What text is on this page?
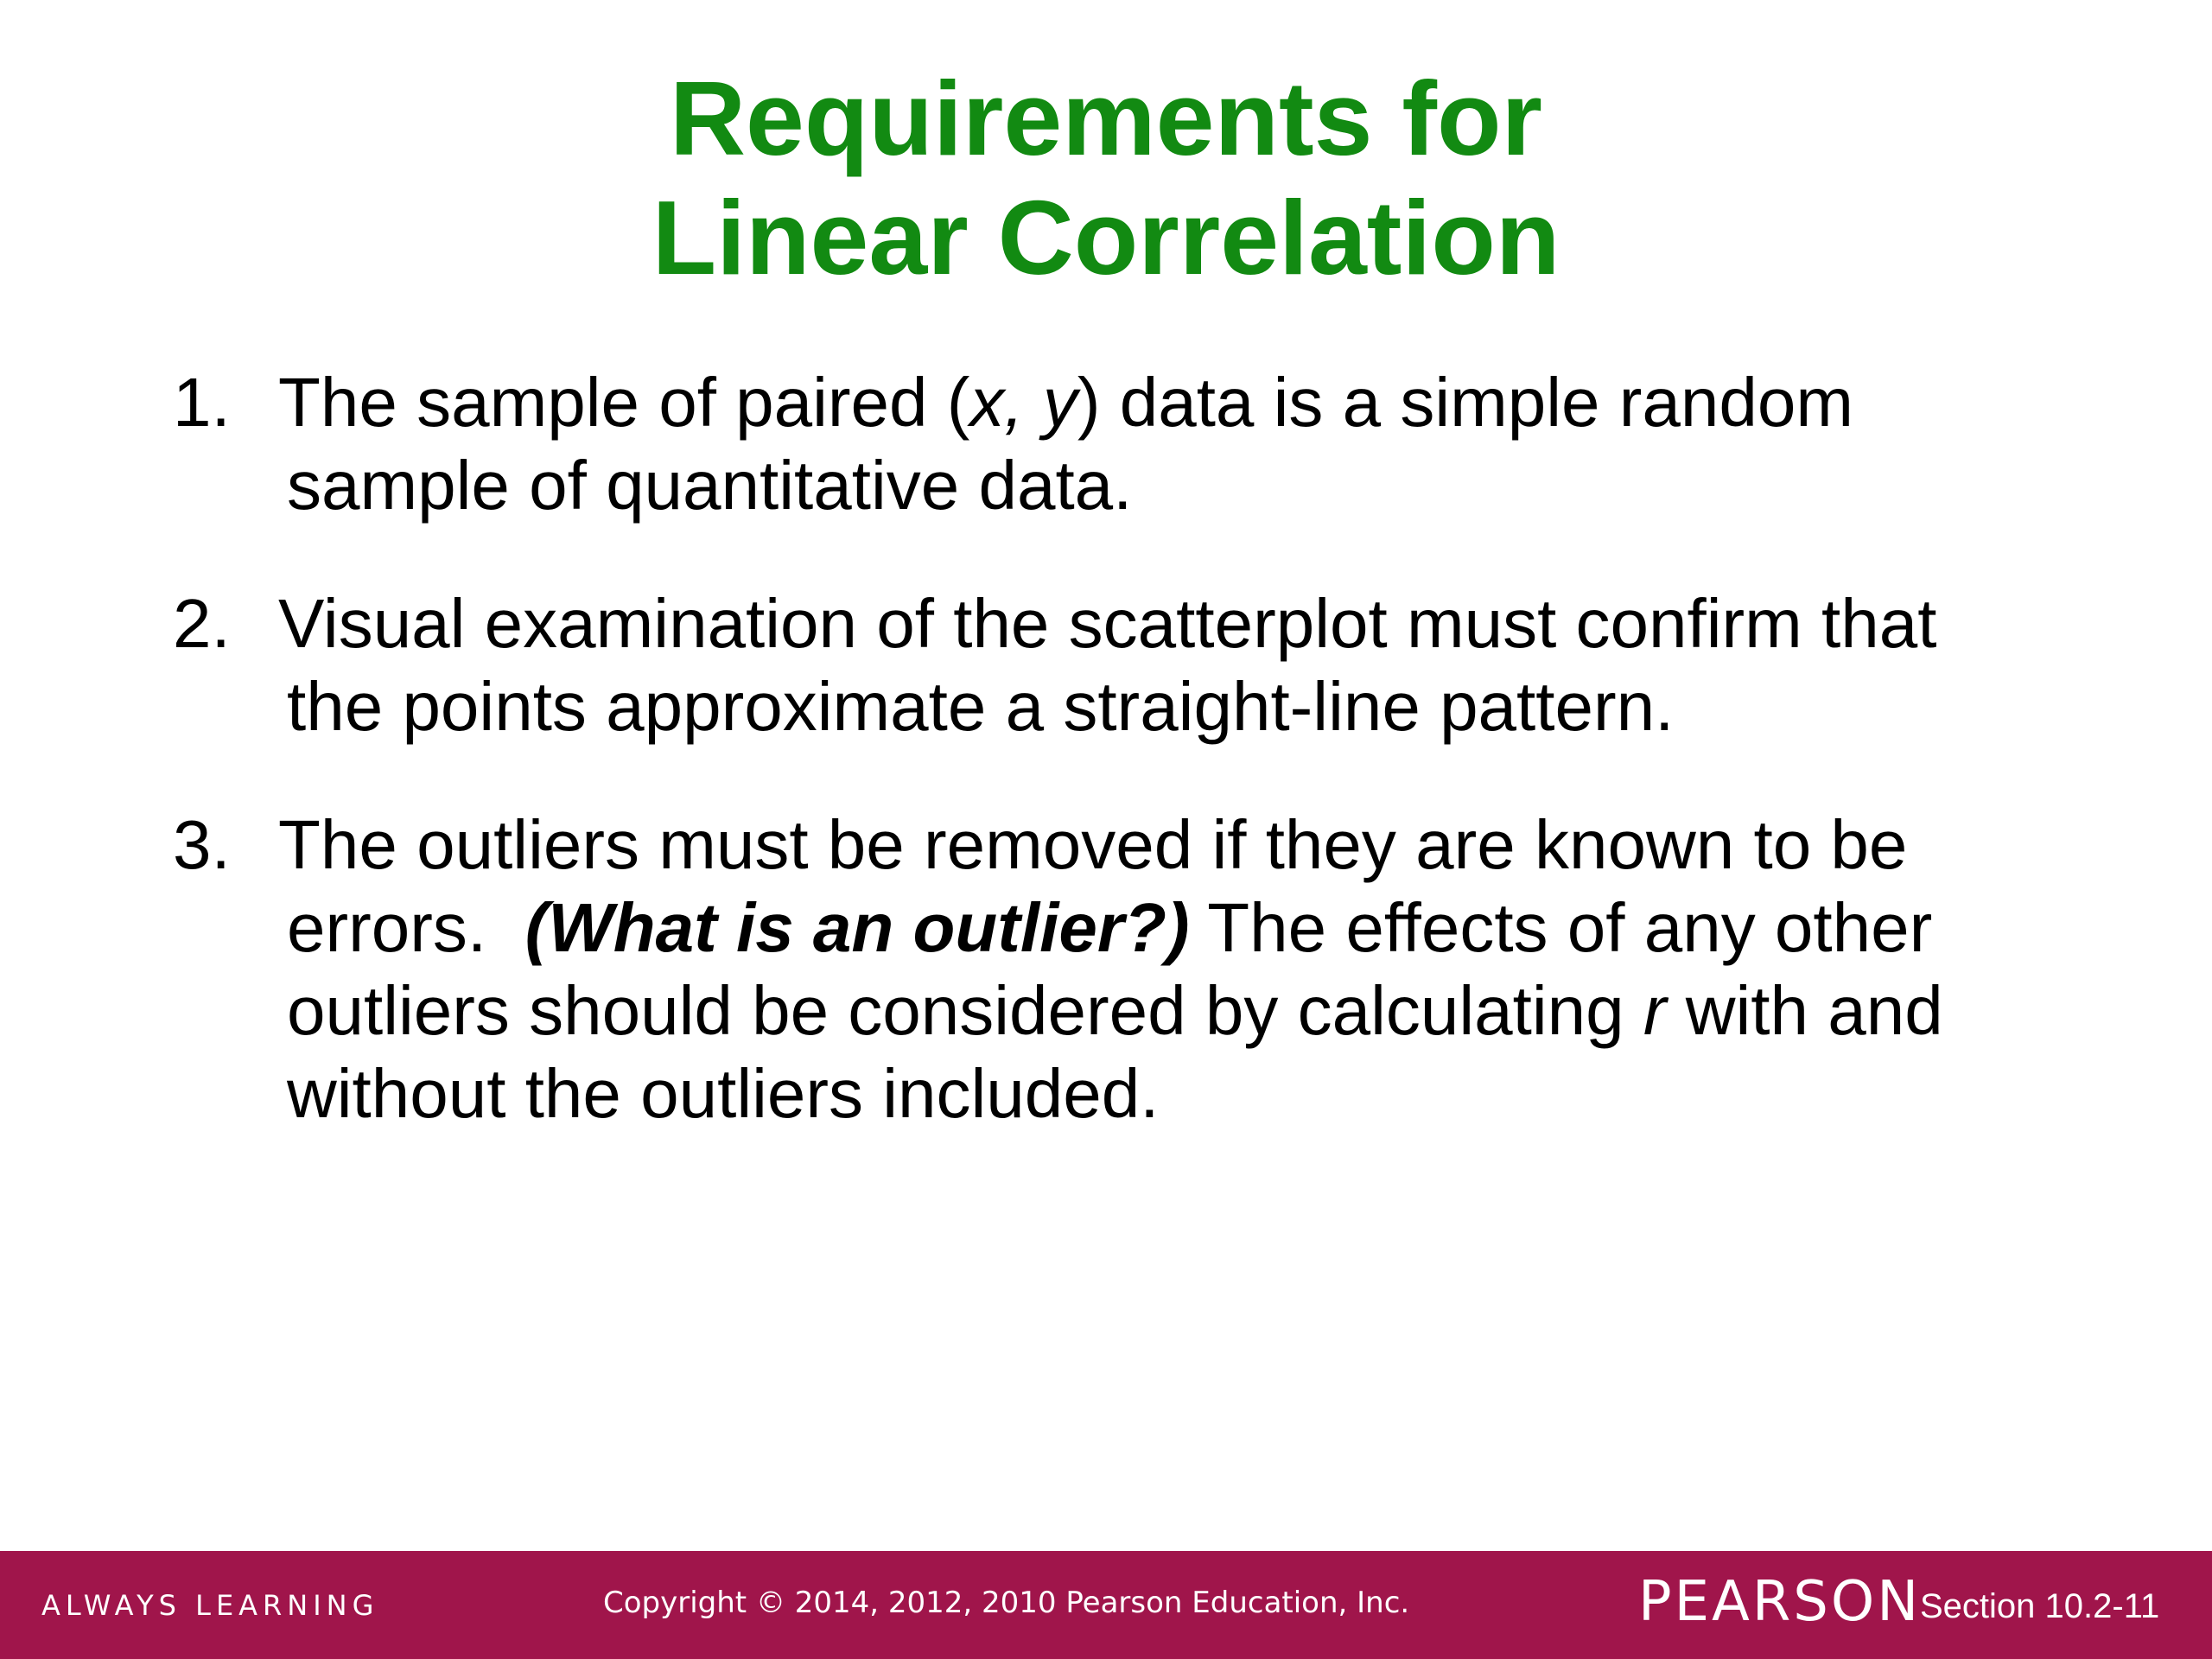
Requirements for
Linear Correlation
1. The sample of paired (x, y) data is a simple random
sample of quantitative data.
2. Visual examination of the scatterplot must confirm that
the points approximate a straight-line pattern.
3. The outliers must be removed if they are known to be
errors.  (What is an outlier?) The effects of any other
outliers should be considered by calculating r with and
without the outliers included.
ALWAYS LEARNING	Copyright © 2014, 2012, 2010 Pearson Education, Inc.	PEARSON
Section 10.2-11
